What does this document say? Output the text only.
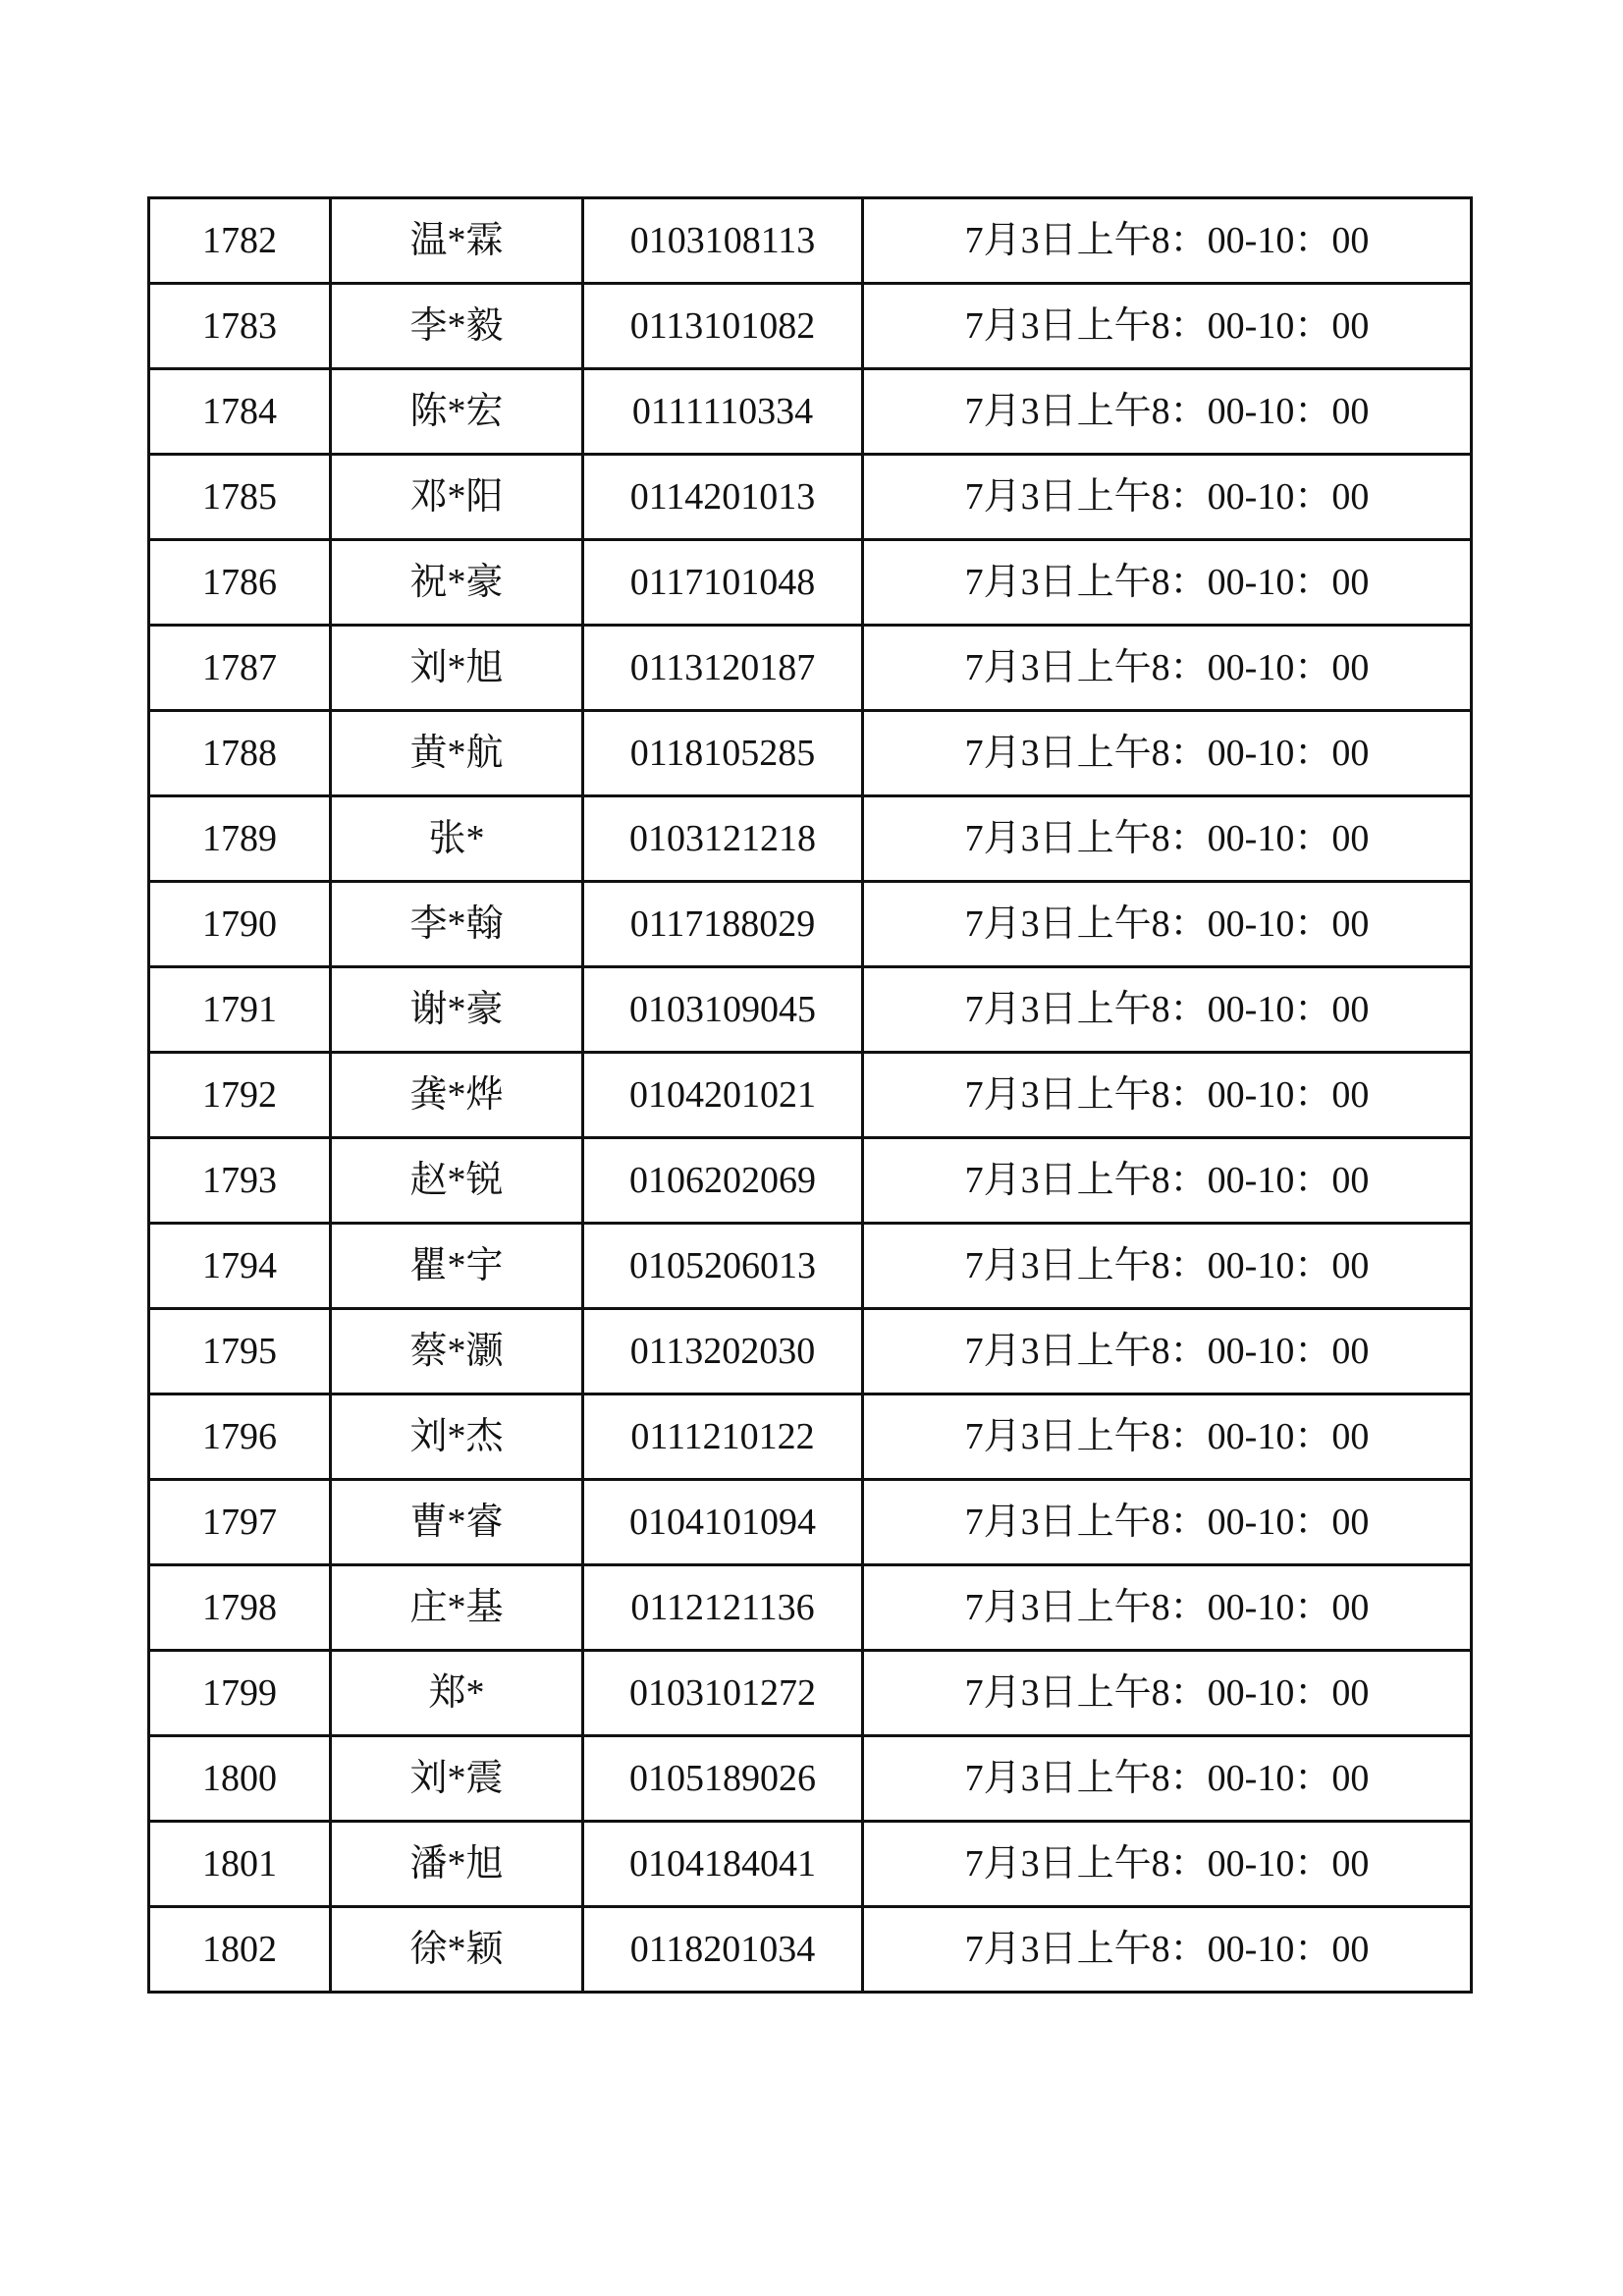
1782	温*霖	0103108113	7月3日上午8：00-10：00
1783	李*毅	0113101082	7月3日上午8：00-10：00
1784	陈*宏	0111110334	7月3日上午8：00-10：00
1785	邓*阳	0114201013	7月3日上午8：00-10：00
1786	祝*豪	0117101048	7月3日上午8：00-10：00
1787	刘*旭	0113120187	7月3日上午8：00-10：00
1788	黄*航	0118105285	7月3日上午8：00-10：00
1789	张*	0103121218	7月3日上午8：00-10：00
1790	李*翰	0117188029	7月3日上午8：00-10：00
1791	谢*豪	0103109045	7月3日上午8：00-10：00
1792	龚*烨	0104201021	7月3日上午8：00-10：00
1793	赵*锐	0106202069	7月3日上午8：00-10：00
1794	瞿*宇	0105206013	7月3日上午8：00-10：00
1795	蔡*灏	0113202030	7月3日上午8：00-10：00
1796	刘*杰	0111210122	7月3日上午8：00-10：00
1797	曹*睿	0104101094	7月3日上午8：00-10：00
1798	庄*基	0112121136	7月3日上午8：00-10：00
1799	郑*	0103101272	7月3日上午8：00-10：00
1800	刘*震	0105189026	7月3日上午8：00-10：00
1801	潘*旭	0104184041	7月3日上午8：00-10：00
1802	徐*颖	0118201034	7月3日上午8：00-10：00
